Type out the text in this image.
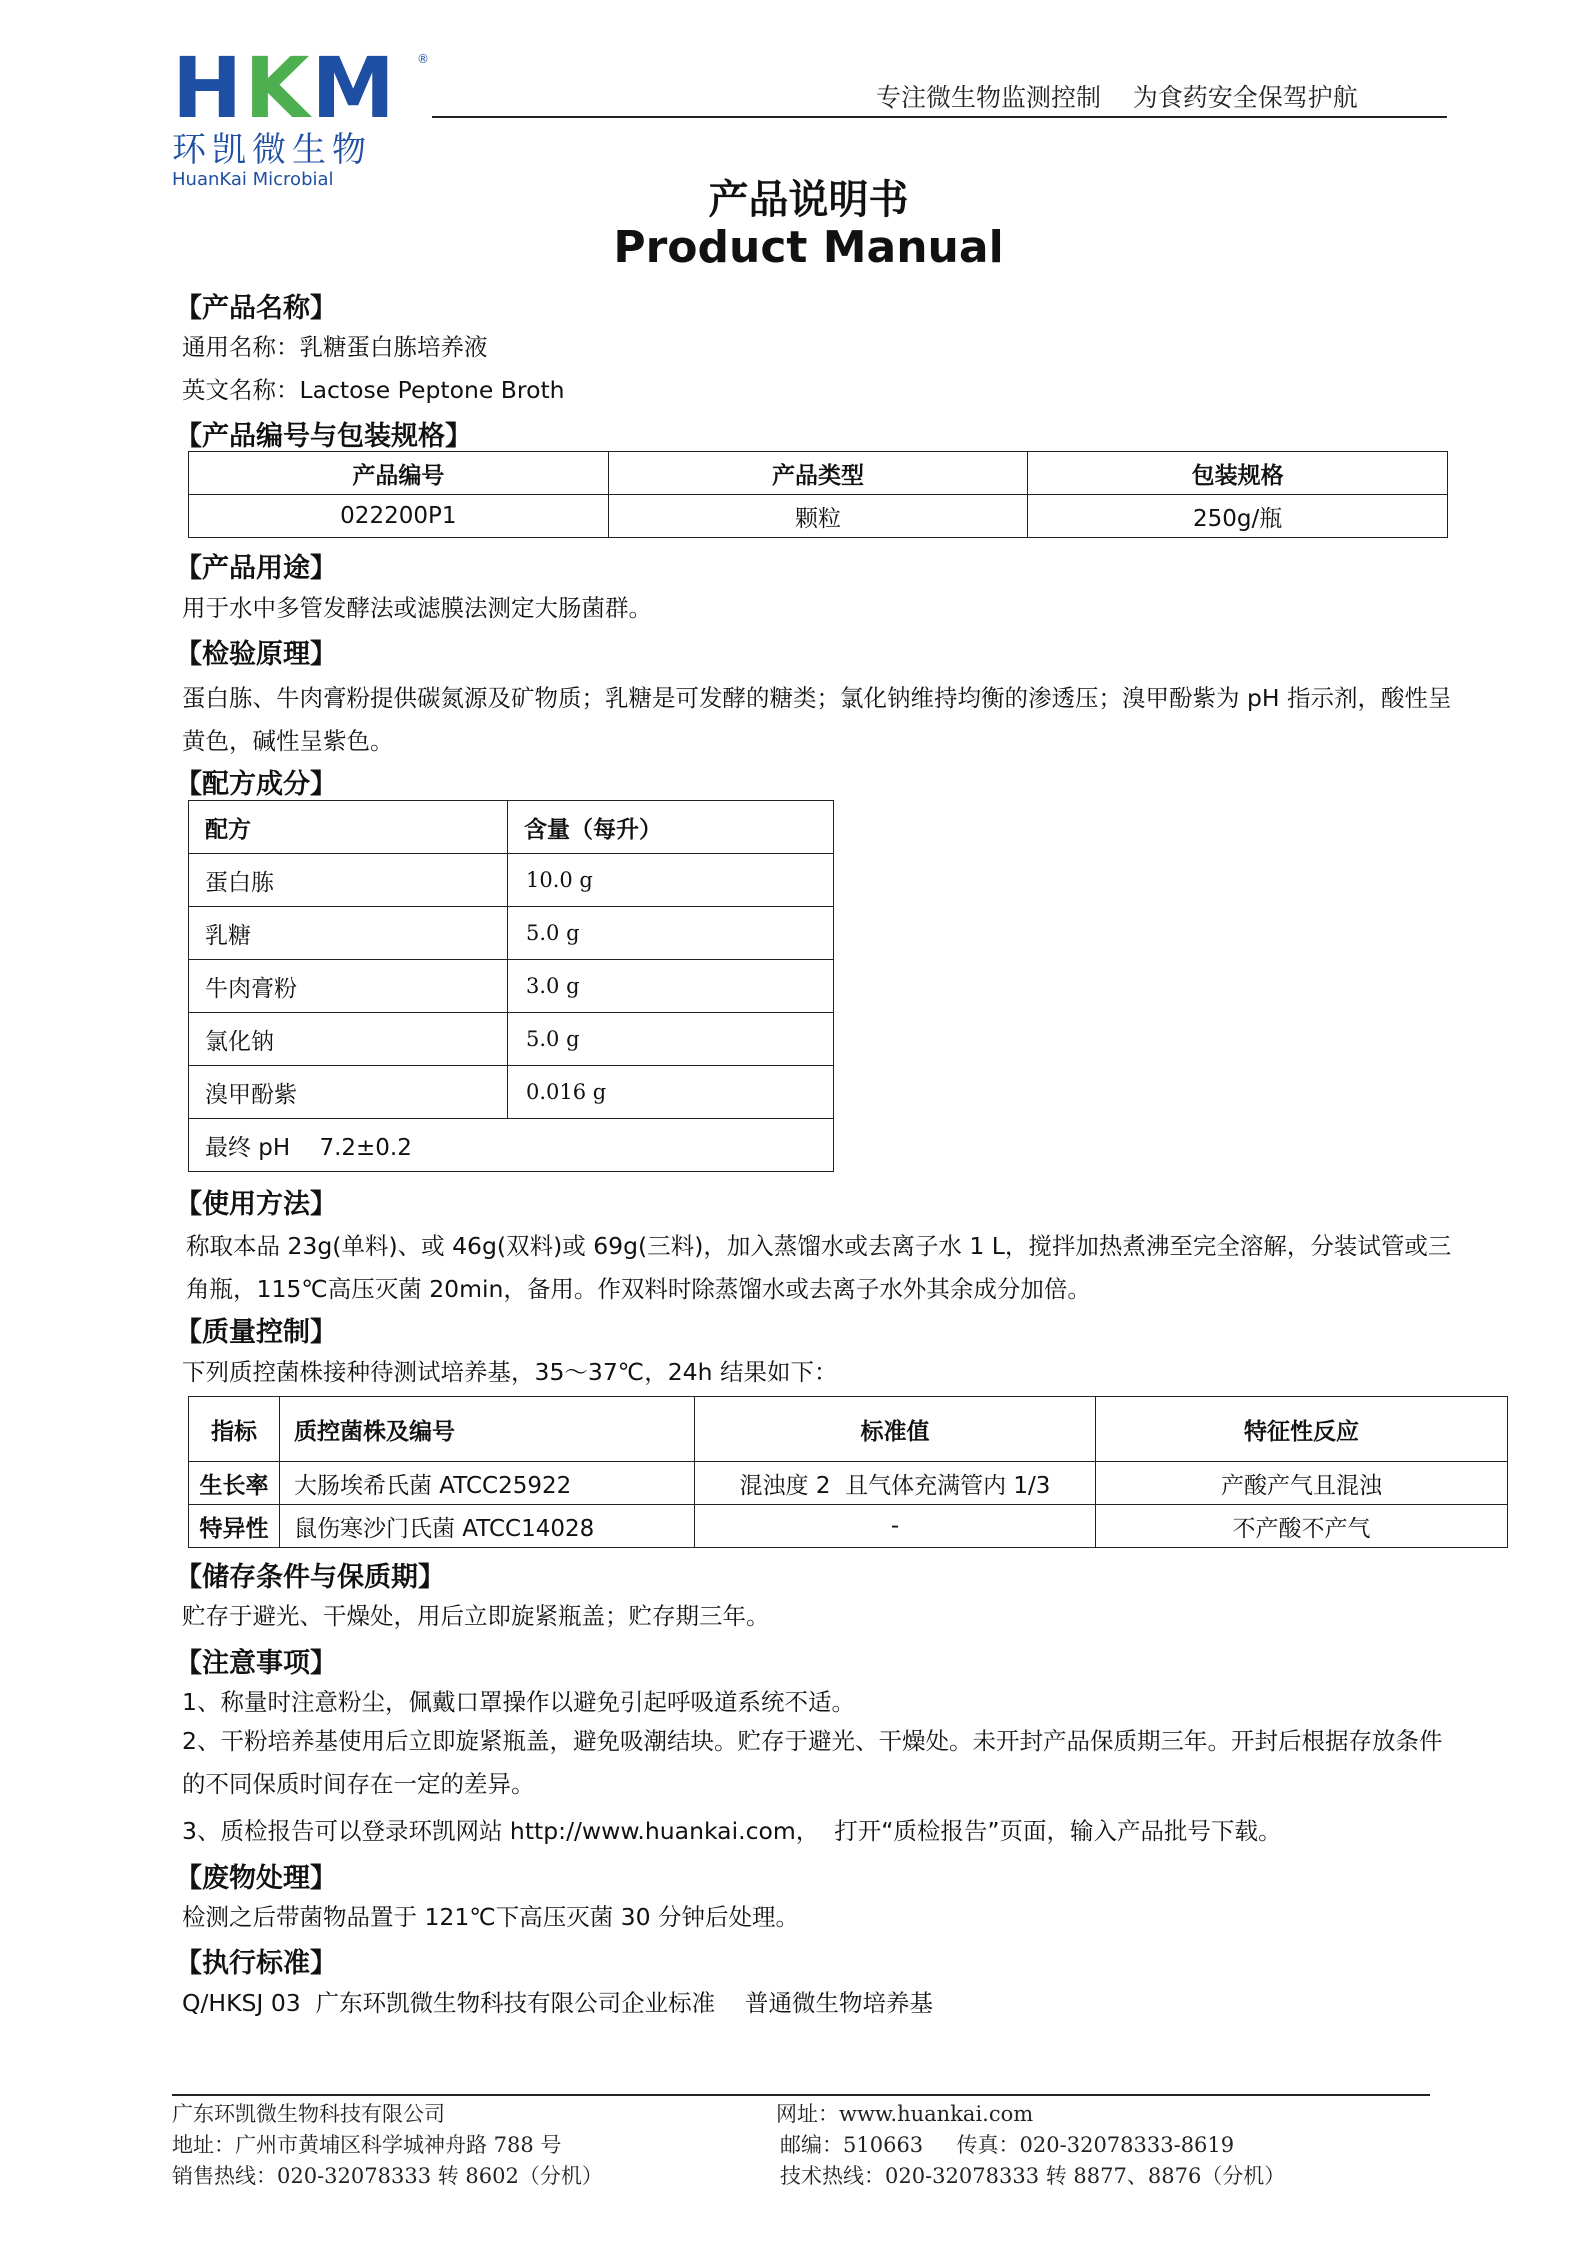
HKM	®
环凯微生物
HuanKai Microbial
专注微生物监测控制    为食药安全保驾护航
产品说明书
Product Manual
【产品名称】
通用名称：乳糖蛋白胨培养液
英文名称：Lactose Peptone Broth
【产品编号与包装规格】
产品编号	产品类型	包装规格
022200P1	颗粒	250g/瓶
【产品用途】
用于水中多管发酵法或滤膜法测定大肠菌群。
【检验原理】
蛋白胨、牛肉膏粉提供碳氮源及矿物质；乳糖是可发酵的糖类；氯化钠维持均衡的渗透压；溴甲酚紫为 pH 指示剂，酸性呈黄色，碱性呈紫色。
【配方成分】
配方	含量（每升）
蛋白胨	10.0 g
乳糖	5.0 g
牛肉膏粉	3.0 g
氯化钠	5.0 g
溴甲酚紫	0.016 g
最终 pH    7.2±0.2	
【使用方法】
称取本品 23g(单料)、或 46g(双料)或 69g(三料)，加入蒸馏水或去离子水 1 L，搅拌加热煮沸至完全溶解，分装试管或三角瓶，115℃高压灭菌 20min，备用。作双料时除蒸馏水或去离子水外其余成分加倍。
【质量控制】
下列质控菌株接种待测试培养基，35～37℃，24h 结果如下：
指标	质控菌株及编号	标准值	特征性反应
生长率	大肠埃希氏菌 ATCC25922	混浊度 2  且气体充满管内 1/3	产酸产气且混浊
特异性	鼠伤寒沙门氏菌 ATCC14028	-	不产酸不产气
【储存条件与保质期】
贮存于避光、干燥处，用后立即旋紧瓶盖；贮存期三年。
【注意事项】
1、称量时注意粉尘，佩戴口罩操作以避免引起呼吸道系统不适。
2、干粉培养基使用后立即旋紧瓶盖，避免吸潮结块。贮存于避光、干燥处。未开封产品保质期三年。开封后根据存放条件的不同保质时间存在一定的差异。
3、质检报告可以登录环凯网站 http://www.huankai.com，  打开“质检报告”页面，输入产品批号下载。
【废物处理】
检测之后带菌物品置于 121℃下高压灭菌 30 分钟后处理。
【执行标准】
Q/HKSJ 03  广东环凯微生物科技有限公司企业标准    普通微生物培养基
广东环凯微生物科技有限公司
地址：广州市黄埔区科学城神舟路 788 号
销售热线：020-32078333 转 8602（分机）
网址：www.huankai.com
邮编：510663     传真：020-32078333-8619
技术热线：020-32078333 转 8877、8876（分机）
